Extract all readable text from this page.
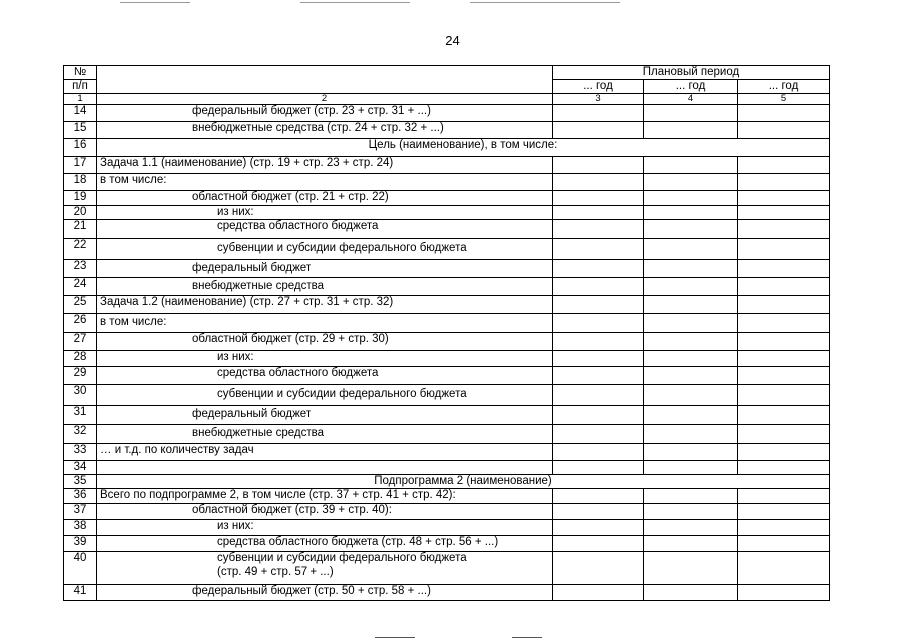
24
№		Плановый период		
п/п		... год	... год	... год
1	2	3	4	5
14	федеральный бюджет (стр. 23 + стр. 31 + ...)			
15	внебюджетные средства (стр. 24 + стр. 32 + ...)			
16	Цель (наименование), в том числе:			
17	Задача 1.1 (наименование) (стр. 19 + стр. 23 + стр. 24)			
18	в том числе:			
19	областной бюджет (стр. 21 + стр. 22)			
20	из них:			
21	средства областного бюджета			
22	субвенции и субсидии федерального бюджета			
23	федеральный бюджет			
24	внебюджетные средства			
25	Задача 1.2 (наименование) (стр. 27 + стр. 31 + стр. 32)			
26	в том числе:			
27	областной бюджет (стр. 29 + стр. 30)			
28	из них:			
29	средства областного бюджета			
30	субвенции и субсидии федерального бюджета			
31	федеральный бюджет			
32	внебюджетные средства			
33	… и т.д. по количеству задач			
34				
35	Подпрограмма 2 (наименование)			
36	Всего по подпрограмме 2, в том числе (стр. 37 + стр. 41 + стр. 42):			
37	областной бюджет (стр. 39 + стр. 40):			
38	из них:			
39	средства областного бюджета (стр. 48 + стр. 56 + ...)			
40	субвенции и субсидии федерального бюджета
(стр. 49 + стр. 57 + ...)			

41	федеральный бюджет (стр. 50 + стр. 58 + ...)			
